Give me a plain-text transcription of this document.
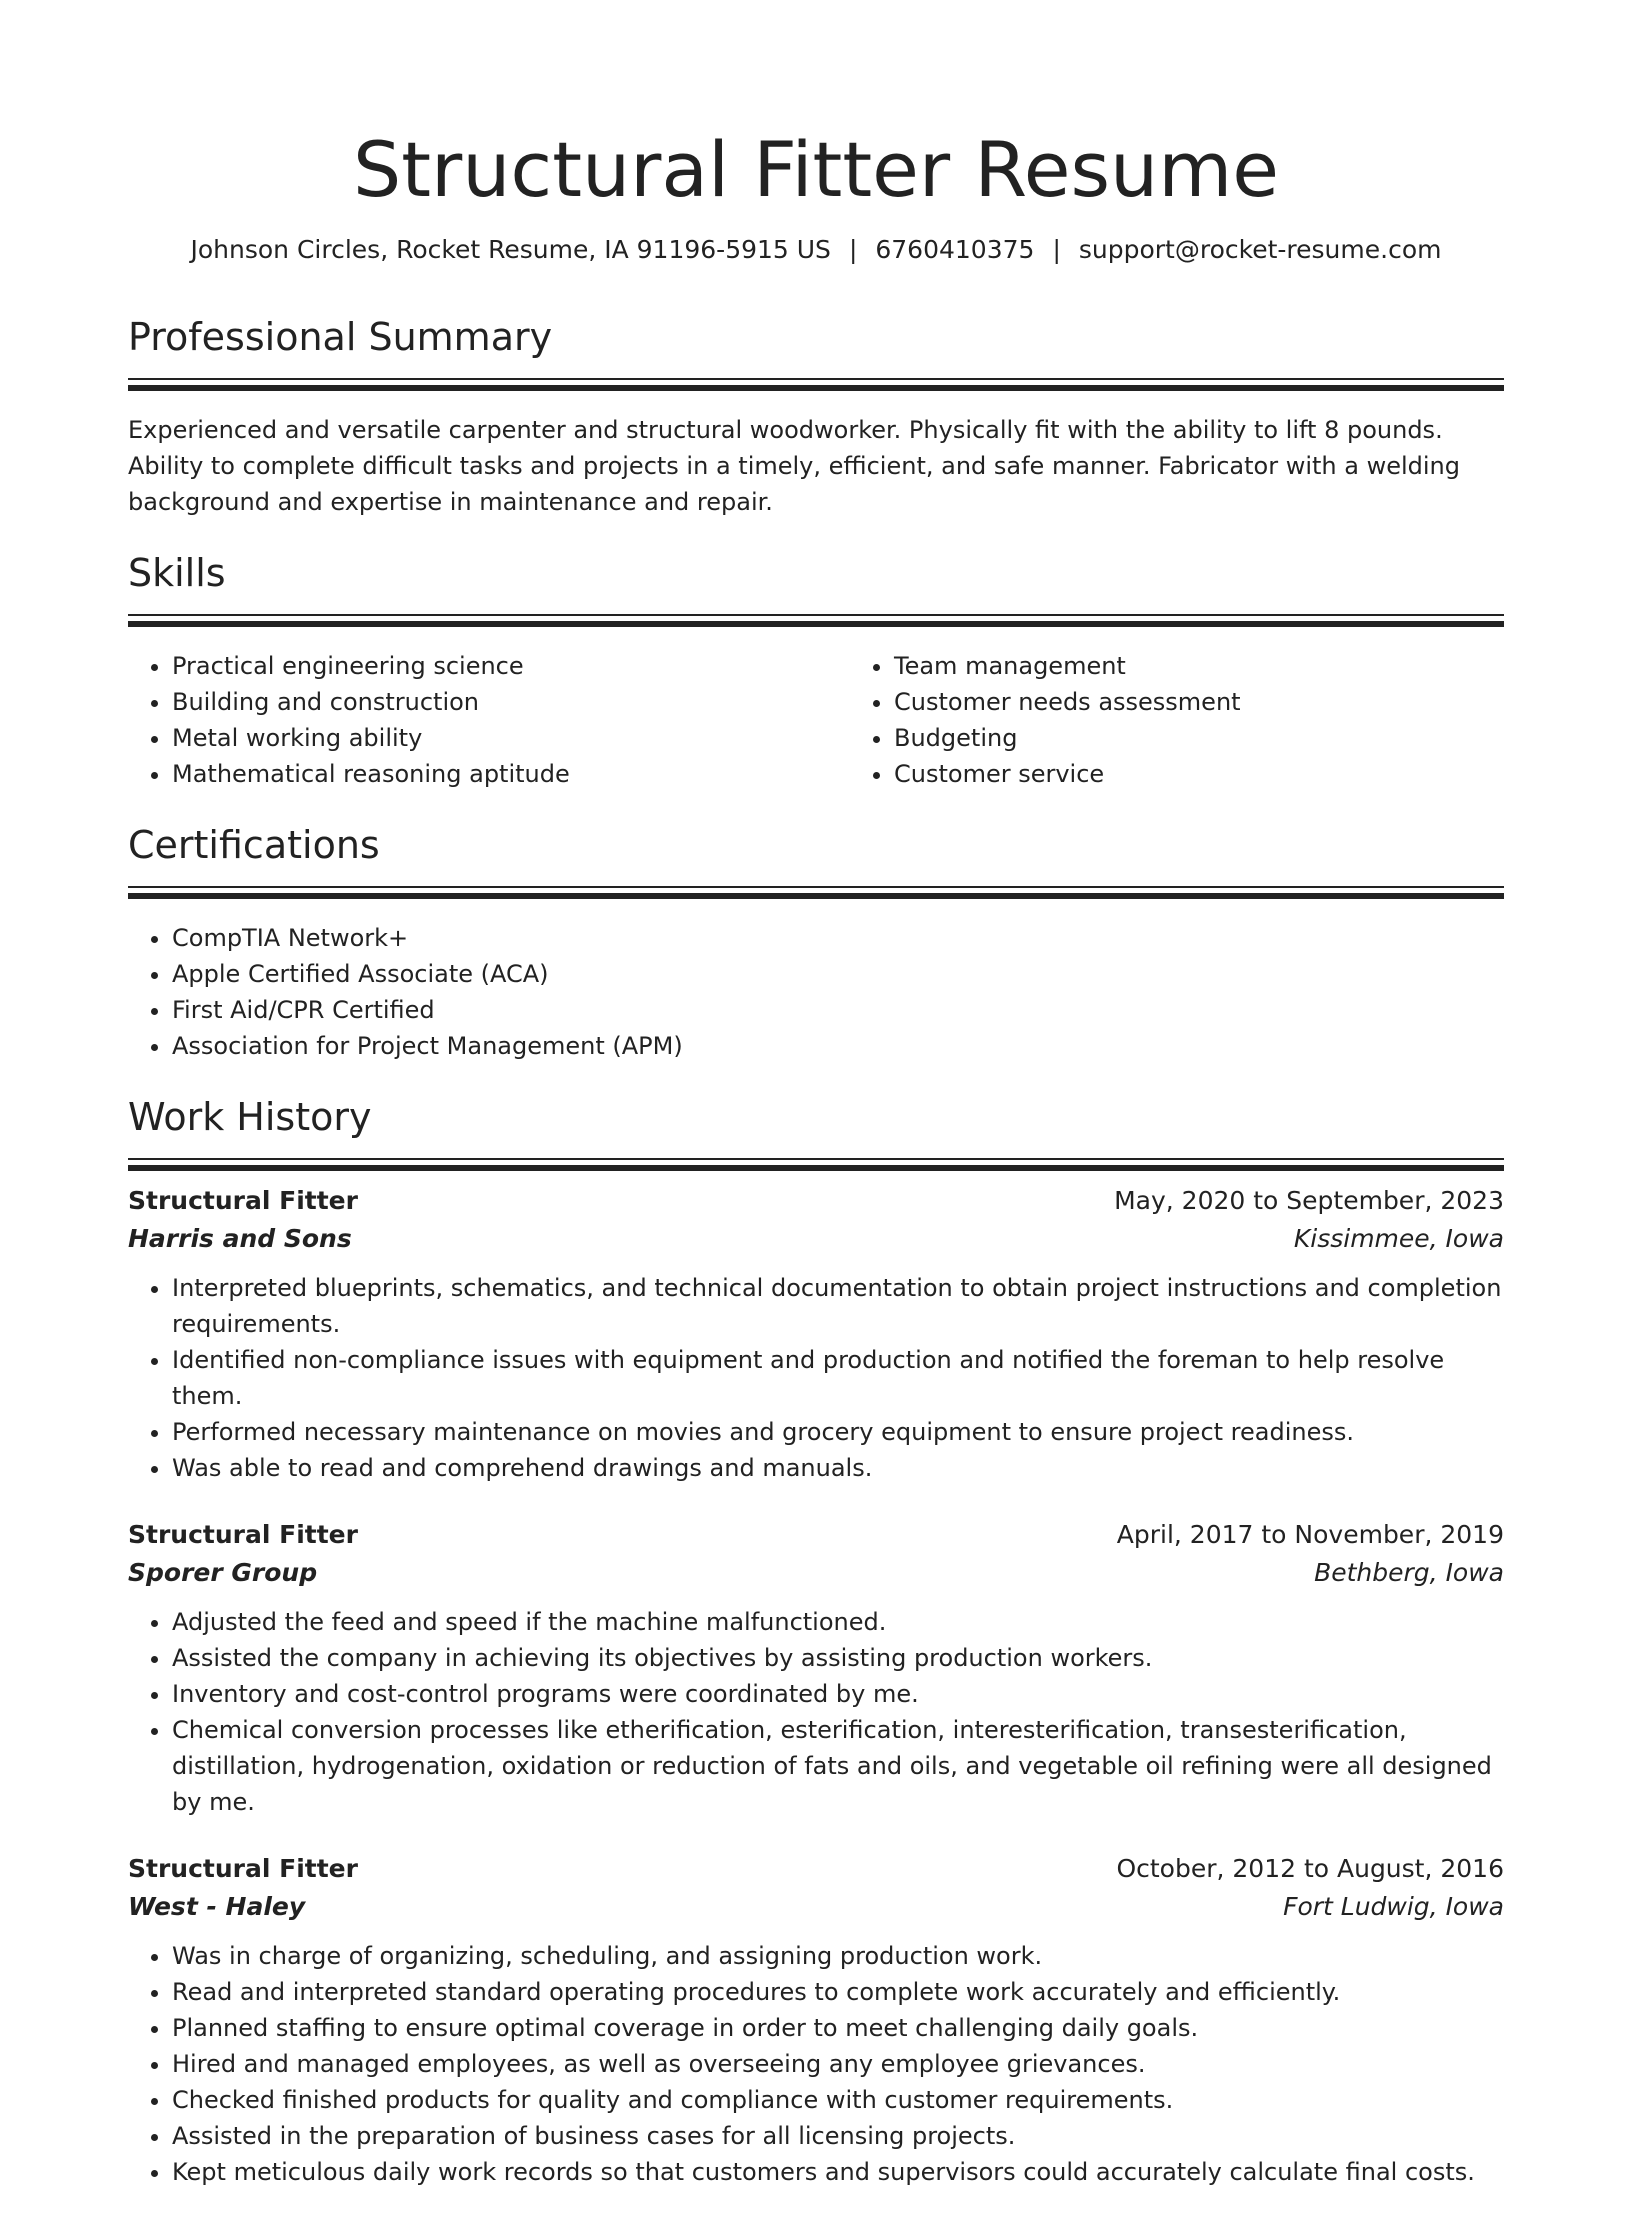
Structural Fitter Resume
Johnson Circles, Rocket Resume, IA 91196-5915 US | 6760410375 | support@rocket-resume.com
Professional Summary

Experienced and versatile carpenter and structural woodworker. Physically fit with the ability to lift 8 pounds. Ability to complete difficult tasks and projects in a timely, efficient, and safe manner. Fabricator with a welding background and expertise in maintenance and repair.

Skills
• Practical engineering science
• Building and construction
• Metal working ability
• Mathematical reasoning aptitude
• Team management
• Customer needs assessment
• Budgeting
• Customer service
Certifications
• CompTIA Network+
• Apple Certified Associate (ACA)
• First Aid/CPR Certified
• Association for Project Management (APM)
Work History
Structural Fitter	May, 2020 to September, 2023
Harris and Sons	Kissimmee, Iowa
• Interpreted blueprints, schematics, and technical documentation to obtain project instructions and completion requirements.
• Identified non-compliance issues with equipment and production and notified the foreman to help resolve them.
• Performed necessary maintenance on movies and grocery equipment to ensure project readiness.
• Was able to read and comprehend drawings and manuals.
Structural Fitter	April, 2017 to November, 2019
Sporer Group	Bethberg, Iowa
• Adjusted the feed and speed if the machine malfunctioned.
• Assisted the company in achieving its objectives by assisting production workers.
• Inventory and cost-control programs were coordinated by me.
• Chemical conversion processes like etherification, esterification, interesterification, transesterification, distillation, hydrogenation, oxidation or reduction of fats and oils, and vegetable oil refining were all designed by me.
Structural Fitter	October, 2012 to August, 2016
West - Haley	Fort Ludwig, Iowa
• Was in charge of organizing, scheduling, and assigning production work.
• Read and interpreted standard operating procedures to complete work accurately and efficiently.
• Planned staffing to ensure optimal coverage in order to meet challenging daily goals.
• Hired and managed employees, as well as overseeing any employee grievances.
• Checked finished products for quality and compliance with customer requirements.
• Assisted in the preparation of business cases for all licensing projects.
• Kept meticulous daily work records so that customers and supervisors could accurately calculate final costs.
